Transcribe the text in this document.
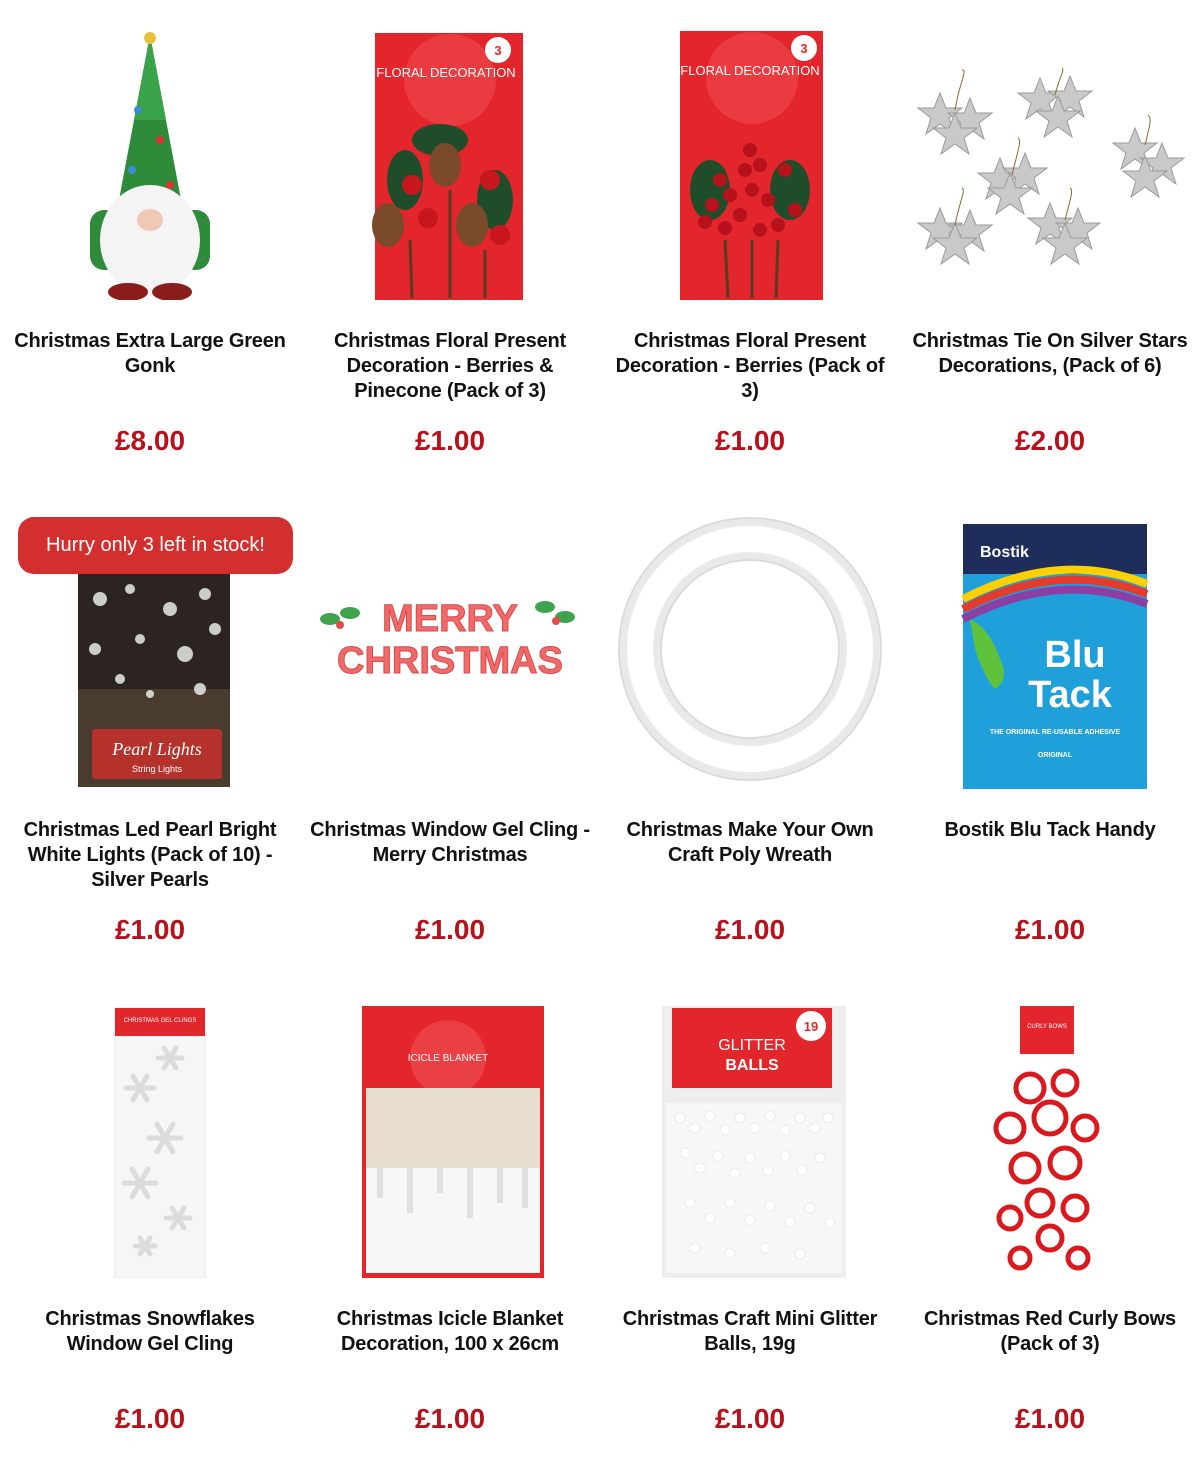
Christmas Extra Large Green Gonk
£8.00
FLORAL DECORATION
3
Christmas Floral Present Decoration - Berries & Pinecone (Pack of 3)
£1.00
FLORAL DECORATION
3
Christmas Floral Present Decoration - Berries (Pack of 3)
£1.00
Christmas Tie On Silver Stars Decorations, (Pack of 6)
£2.00
Hurry only 3 left in stock!
Pearl Lights
String Lights
Christmas Led Pearl Bright White Lights (Pack of 10) - Silver Pearls
£1.00
MERRY
CHRISTMAS
Christmas Window Gel Cling - Merry Christmas
£1.00
Christmas Make Your Own Craft Poly Wreath
£1.00
Bostik
Blu
Tack
THE ORIGINAL RE-USABLE ADHESIVE
ORIGINAL
Bostik Blu Tack Handy
£1.00
CHRISTMAS GEL CLINGS
Christmas Snowflakes Window Gel Cling
£1.00
ICICLE BLANKET
Christmas Icicle Blanket Decoration, 100 x 26cm
£1.00
GLITTER
BALLS
19
Christmas Craft Mini Glitter Balls, 19g
£1.00
CURLY BOWS
Christmas Red Curly Bows (Pack of 3)
£1.00
